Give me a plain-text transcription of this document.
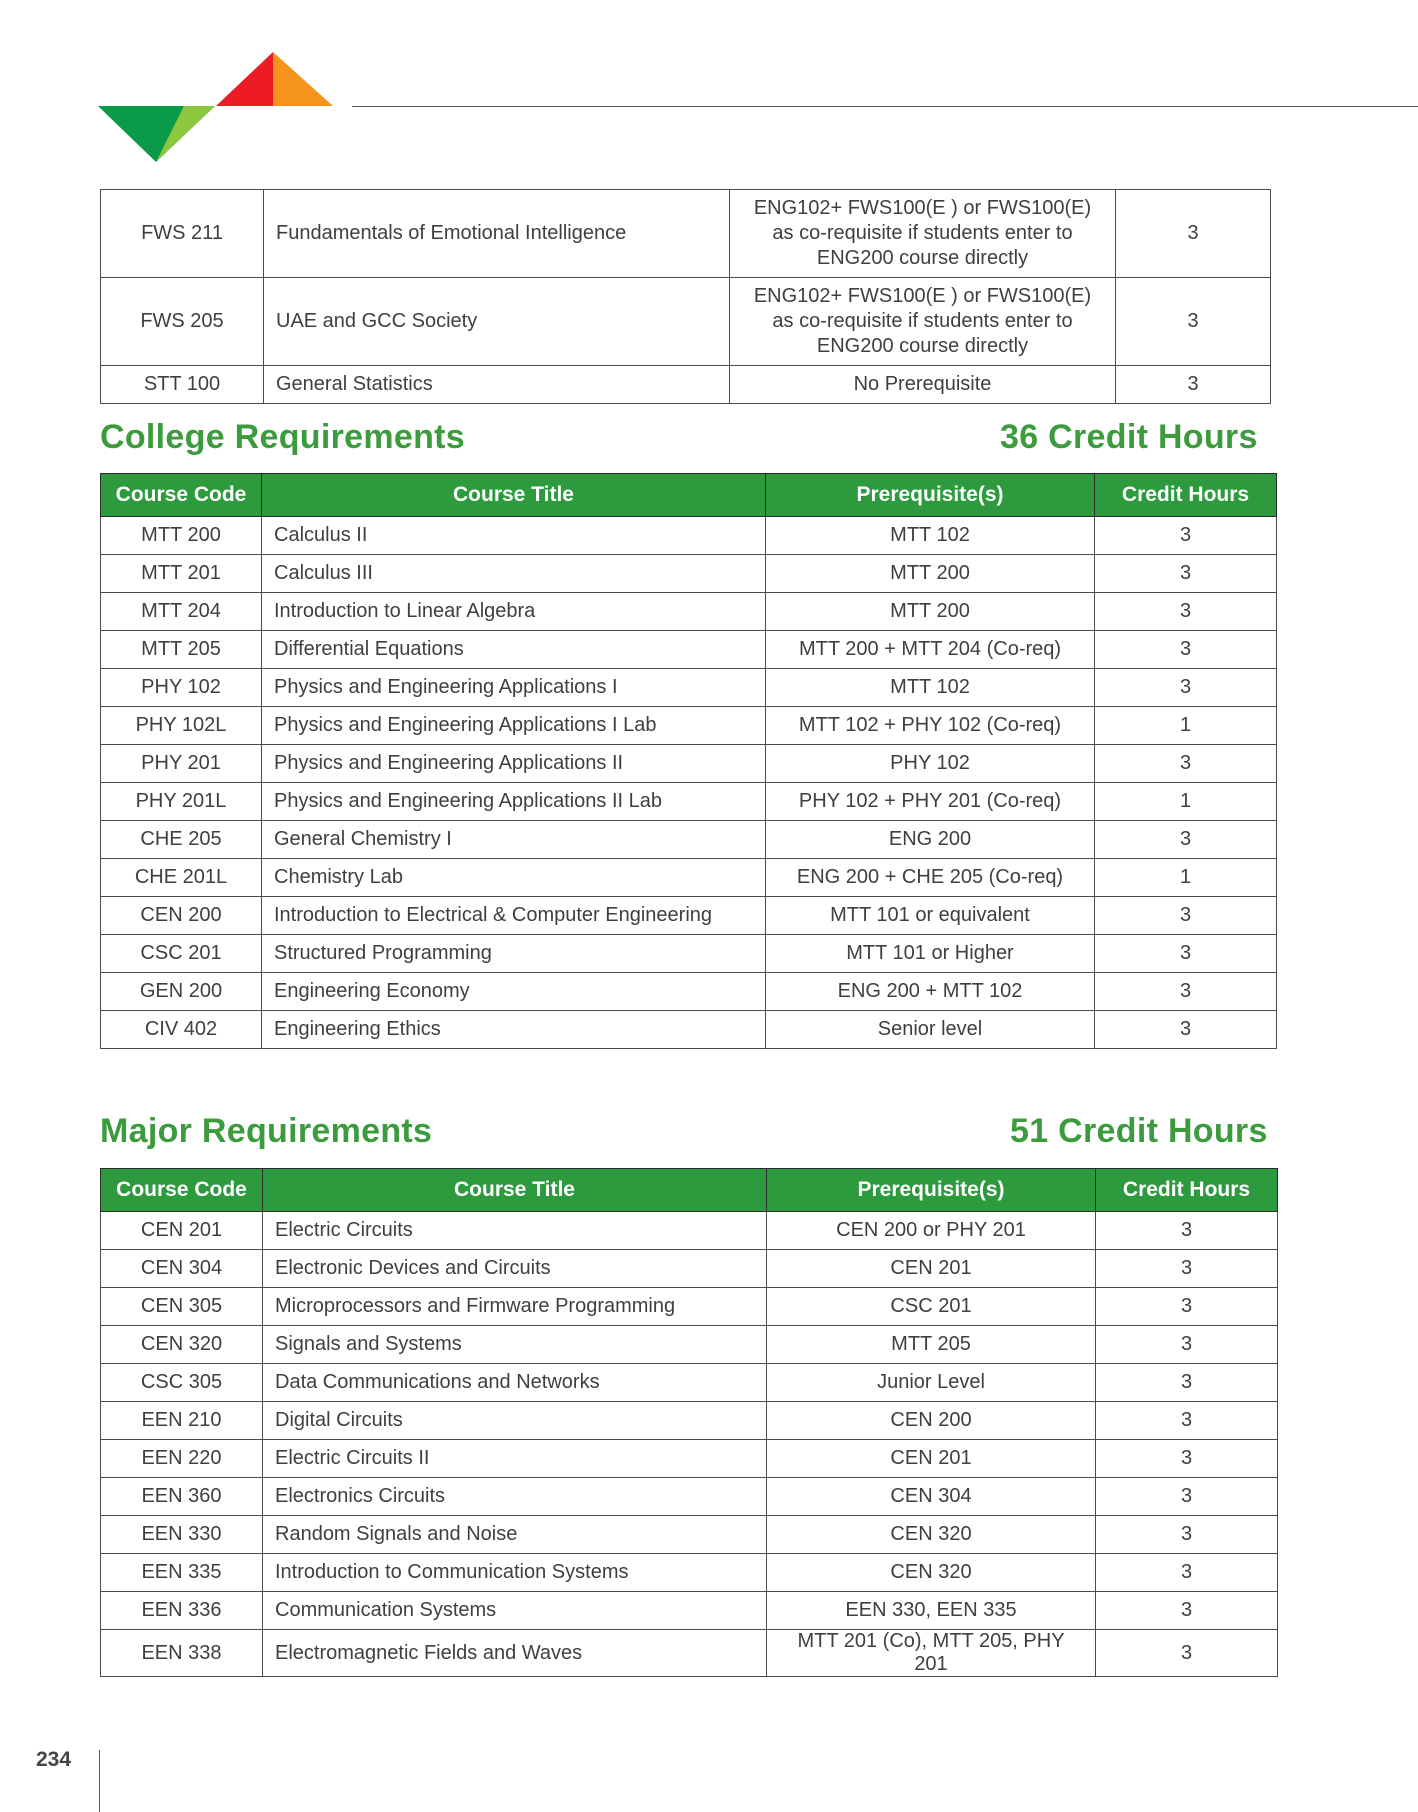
FWS 211	Fundamentals of Emotional Intelligence	ENG102+ FWS100(E ) or FWS100(E)
as co-requisite if students enter to
ENG200 course directly	3
FWS 205	UAE and GCC Society	ENG102+ FWS100(E ) or FWS100(E)
as co-requisite if students enter to
ENG200 course directly	3
STT 100	General Statistics	No Prerequisite	3
College Requirements	36 Credit Hours
Course Code	Course Title	Prerequisite(s)	Credit Hours
MTT 200	Calculus II	MTT 102	3
MTT 201	Calculus III	MTT 200	3
MTT 204	Introduction to Linear Algebra	MTT 200	3
MTT 205	Differential Equations	MTT 200 + MTT 204 (Co-req)	3
PHY 102	Physics and Engineering Applications I	MTT 102	3
PHY 102L	Physics and Engineering Applications I Lab	MTT 102 + PHY 102 (Co-req)	1
PHY 201	Physics and Engineering Applications II	PHY 102	3
PHY 201L	Physics and Engineering Applications II Lab	PHY 102 + PHY 201 (Co-req)	1
CHE 205	General Chemistry I	ENG 200	3
CHE 201L	Chemistry Lab	ENG 200 + CHE 205 (Co-req)	1
CEN 200	Introduction to Electrical & Computer Engineering	MTT 101 or equivalent	3
CSC 201	Structured Programming	MTT 101 or Higher	3
GEN 200	Engineering Economy	ENG 200 + MTT 102	3
CIV 402	Engineering Ethics	Senior level	3
Major Requirements	51 Credit Hours
Course Code	Course Title	Prerequisite(s)	Credit Hours
CEN 201	Electric Circuits	CEN 200 or PHY 201	3
CEN 304	Electronic Devices and Circuits	CEN 201	3
CEN 305	Microprocessors and Firmware Programming	CSC 201	3
CEN 320	Signals and Systems	MTT 205	3
CSC 305	Data Communications and Networks	Junior Level	3
EEN 210	Digital Circuits	CEN 200	3
EEN 220	Electric Circuits II	CEN 201	3
EEN 360	Electronics Circuits	CEN 304	3
EEN 330	Random Signals and Noise	CEN 320	3
EEN 335	Introduction to Communication Systems	CEN 320	3
EEN 336	Communication Systems	EEN 330, EEN 335	3
EEN 338	Electromagnetic Fields and Waves	MTT 201 (Co), MTT 205, PHY 201	3

234
